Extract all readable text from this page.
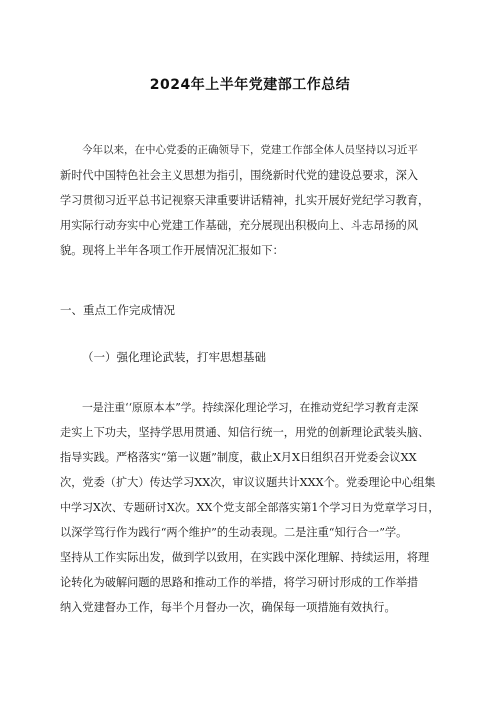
2024年上半年党建部工作总结
今年以来，在中心党委的正确领导下，党建工作部全体人员坚持以习近平
新时代中国特色社会主义思想为指引，围绕新时代党的建设总要求，深入
学习贯彻习近平总书记视察天津重要讲话精神，扎实开展好党纪学习教育，
用实际行动夯实中心党建工作基础，充分展现出积极向上、斗志昂扬的风
貌。现将上半年各项工作开展情况汇报如下：
一、重点工作完成情况
（一）强化理论武装，打牢思想基础
一是注重‘‘原原本本”学。持续深化理论学习，在推动党纪学习教育走深
走实上下功夫，坚持学思用贯通、知信行统一，用党的创新理论武装头脑、
指导实践。严格落实“第一议题”制度，截止X月X日组织召开党委会议XX
次，党委（扩大）传达学习XX次，审议议题共计XXX个。党委理论中心组集
中学习X次、专题研讨X次。XX个党支部全部落实第1个学习日为党章学习日，
以深学笃行作为践行“两个维护”的生动表现。二是注重“知行合一”学。
坚持从工作实际出发，做到学以致用，在实践中深化理解、持续运用，将理
论转化为破解问题的思路和推动工作的举措，将学习研讨形成的工作举措
纳入党建督办工作，每半个月督办一次，确保每一项措施有效执行。
